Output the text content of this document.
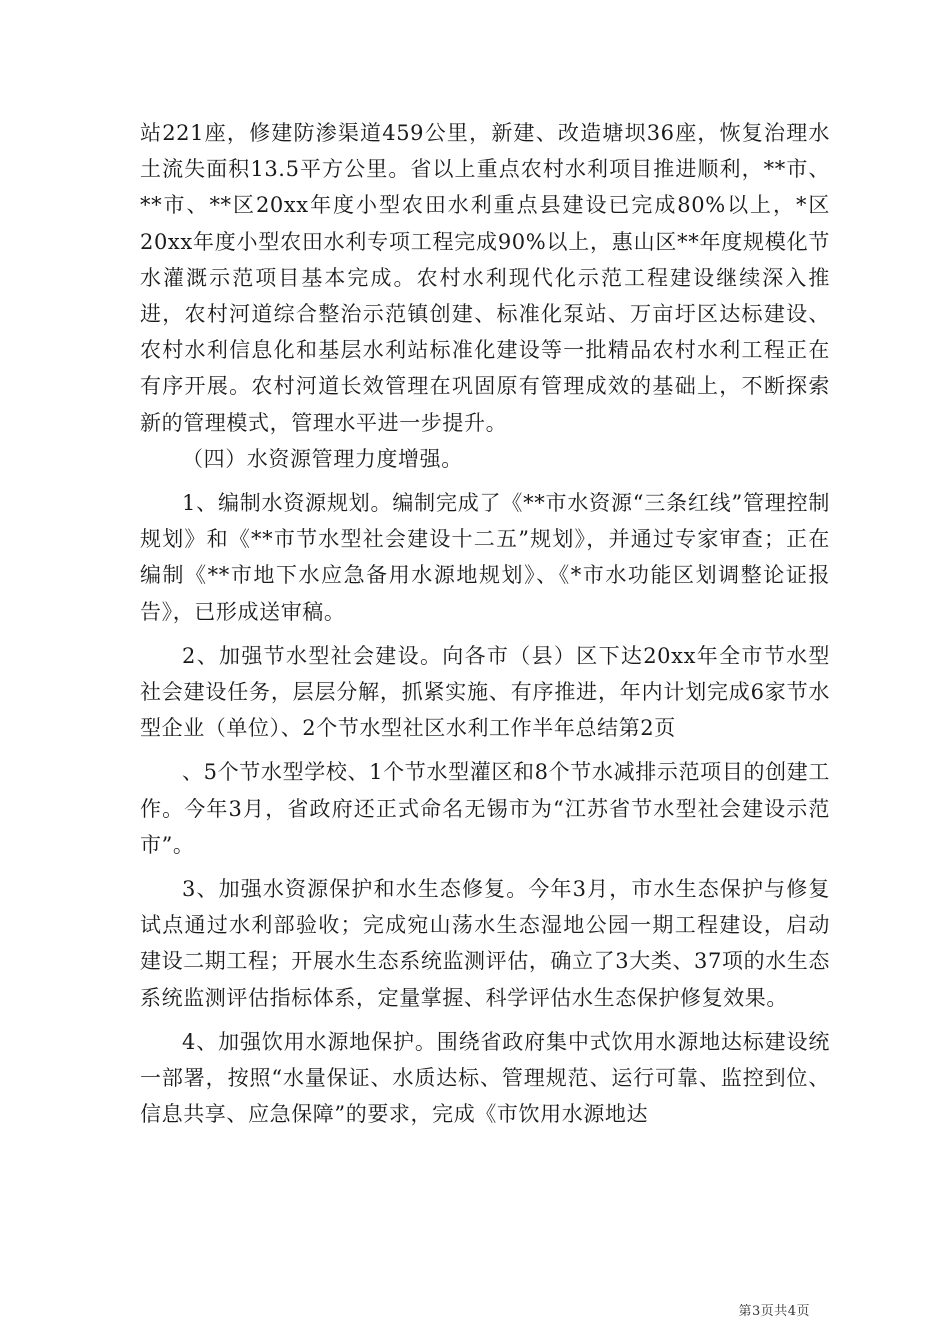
站221座，修建防渗渠道459公里，新建、改造塘坝36座，恢复治理水土流失面积13.5平方公里。省以上重点农村水利项目推进顺利，**市、**市、**区20xx年度小型农田水利重点县建设已完成80%以上，*区20xx年度小型农田水利专项工程完成90%以上，惠山区**年度规模化节水灌溉示范项目基本完成。农村水利现代化示范工程建设继续深入推进，农村河道综合整治示范镇创建、标准化泵站、万亩圩区达标建设、农村水利信息化和基层水利站标准化建设等一批精品农村水利工程正在有序开展。农村河道长效管理在巩固原有管理成效的基础上，不断探索新的管理模式，管理水平进一步提升。

（四）水资源管理力度增强。

1、编制水资源规划。编制完成了《**市水资源“三条红线”管理控制规划》和《**市节水型社会建设十二五”规划》，并通过专家审查；正在编制《**市地下水应急备用水源地规划》、《*市水功能区划调整论证报告》，已形成送审稿。

2、加强节水型社会建设。向各市（县）区下达20xx年全市节水型社会建设任务，层层分解，抓紧实施、有序推进，年内计划完成6家节水型企业（单位）、2个节水型社区水利工作半年总结第2页

、5个节水型学校、1个节水型灌区和8个节水减排示范项目的创建工作。今年3月，省政府还正式命名无锡市为“江苏省节水型社会建设示范市”。

3、加强水资源保护和水生态修复。今年3月，市水生态保护与修复试点通过水利部验收；完成宛山荡水生态湿地公园一期工程建设，启动建设二期工程；开展水生态系统监测评估，确立了3大类、37项的水生态系统监测评估指标体系，定量掌握、科学评估水生态保护修复效果。

4、加强饮用水源地保护。围绕省政府集中式饮用水源地达标建设统一部署，按照“水量保证、水质达标、管理规范、运行可靠、监控到位、信息共享、应急保障”的要求，完成《市饮用水源地达

第3页共4页
